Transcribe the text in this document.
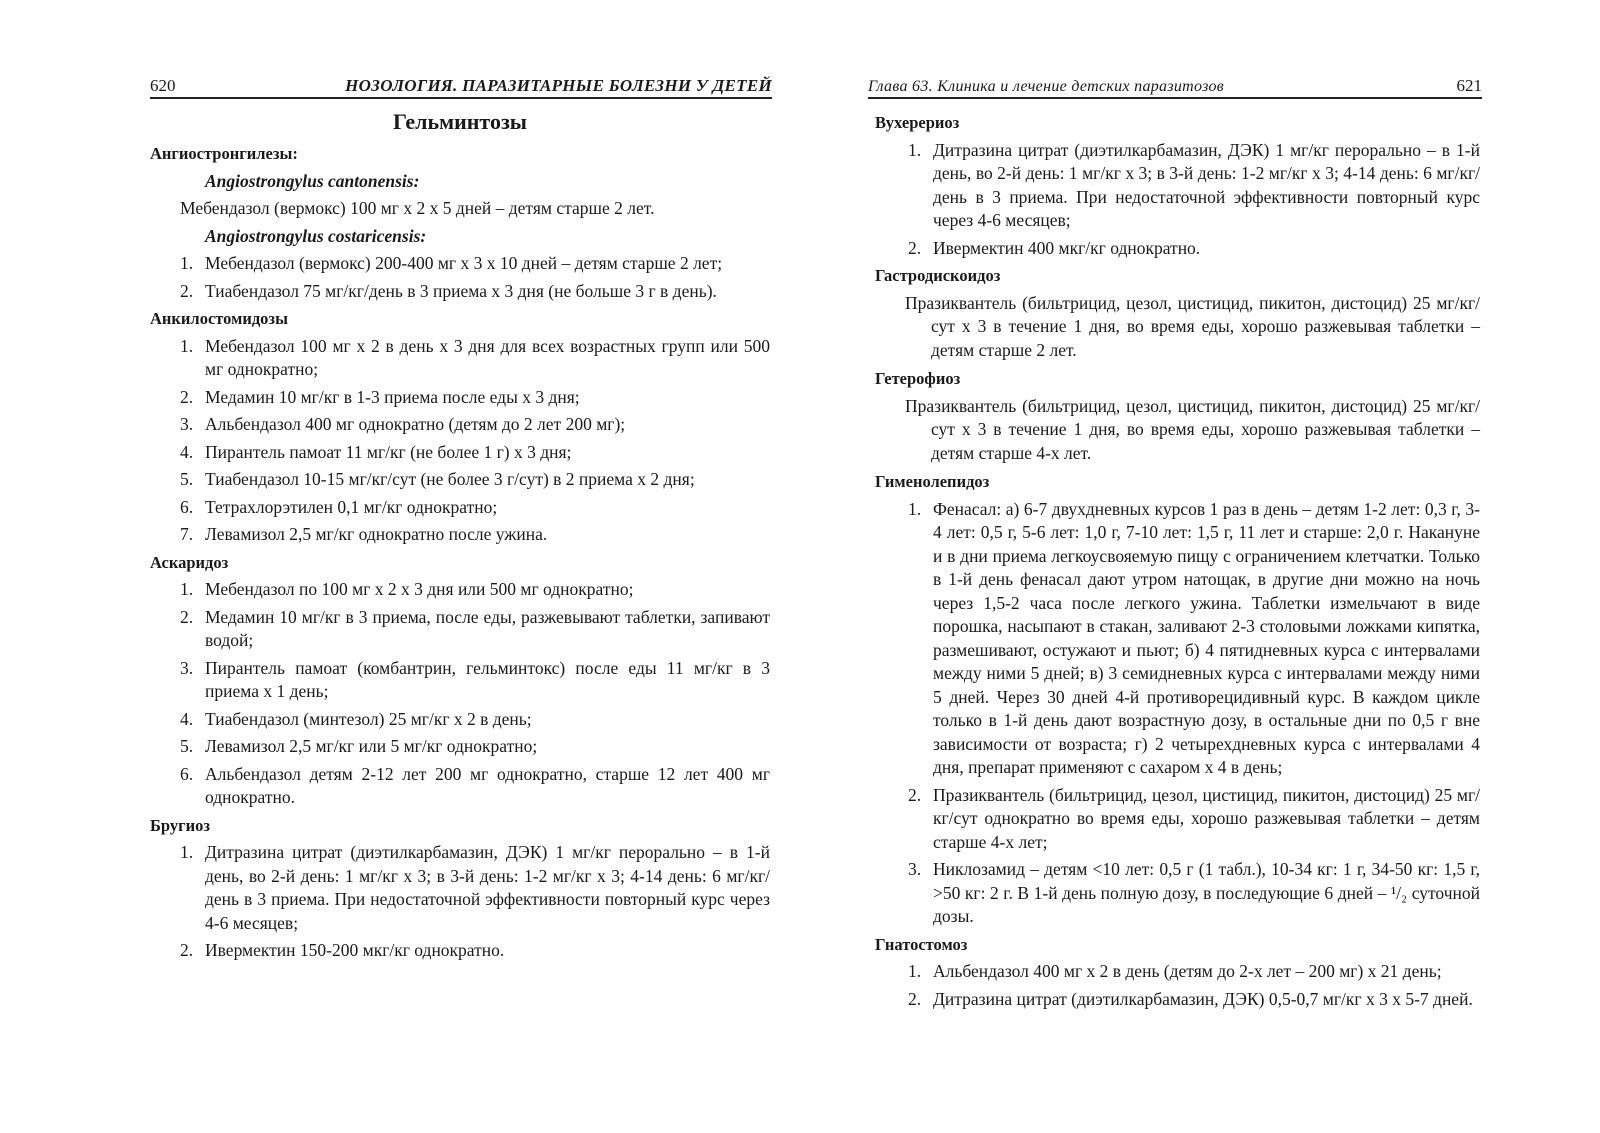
620	НОЗОЛОГИЯ. ПАРАЗИТАРНЫЕ БОЛЕЗНИ У ДЕТЕЙ
Гельминтозы
Ангиостронгилезы:
Angiostrongylus cantonensis:
Мебендазол (вермокс) 100 мг х 2 х 5 дней – детям старше 2 лет.
Angiostrongylus costaricensis:
1. Мебендазол (вермокс) 200-400 мг х 3 х 10 дней – детям старше 2 лет;
2. Тиабендазол 75 мг/кг/день в 3 приема х 3 дня (не больше 3 г в день).
Анкилостомидозы
1. Мебендазол 100 мг х 2 в день х 3 дня для всех возрастных групп или 500 мг однократно;
2. Медамин 10 мг/кг в 1-3 приема после еды х 3 дня;
3. Альбендазол 400 мг однократно (детям до 2 лет 200 мг);
4. Пирантель памоат 11 мг/кг (не более 1 г) х 3 дня;
5. Тиабендазол 10-15 мг/кг/сут (не более 3 г/сут) в 2 приема х 2 дня;
6. Тетрахлорэтилен 0,1 мг/кг однократно;
7. Левамизол 2,5 мг/кг однократно после ужина.
Аскаридоз
1. Мебендазол по 100 мг х 2 х 3 дня или 500 мг однократно;
2. Медамин 10 мг/кг в 3 приема, после еды, разжевывают таблетки, запивают водой;
3. Пирантель памоат (комбантрин, гельминтокс) после еды 11 мг/кг в 3 приема х 1 день;
4. Тиабендазол (минтезол) 25 мг/кг х 2 в день;
5. Левамизол 2,5 мг/кг или 5 мг/кг однократно;
6. Альбендазол детям 2-12 лет 200 мг однократно, старше 12 лет 400 мг однократно.
Бругиоз
1. Дитразина цитрат (диэтилкарбамазин, ДЭК) 1 мг/кг перорально – в 1-й день, во 2-й день: 1 мг/кг х 3; в 3-й день: 1-2 мг/кг х 3; 4-14 день: 6 мг/кг/день в 3 приема. При недостаточной эффективности повторный курс через 4-6 месяцев;
2. Ивермектин 150-200 мкг/кг однократно.
Глава 63. Клиника и лечение детских паразитозов	621
Вухерериоз
1. Дитразина цитрат (диэтилкарбамазин, ДЭК) 1 мг/кг перорально – в 1-й день, во 2-й день: 1 мг/кг х 3; в 3-й день: 1-2 мг/кг х 3; 4-14 день: 6 мг/кг/день в 3 приема. При недостаточной эффективности повторный курс через 4-6 месяцев;
2. Ивермектин 400 мкг/кг однократно.
Гастродискоидоз
Празиквантель (бильтрицид, цезол, цистицид, пикитон, дистоцид) 25 мг/кг/сут х 3 в течение 1 дня, во время еды, хорошо разжевывая таблетки – детям старше 2 лет.
Гетерофиоз
Празиквантель (бильтрицид, цезол, цистицид, пикитон, дистоцид) 25 мг/кг/сут х 3 в течение 1 дня, во время еды, хорошо разжевывая таблетки – детям старше 4-х лет.
Гименолепидоз
1. Фенасал: а) 6-7 двухдневных курсов 1 раз в день – детям 1-2 лет: 0,3 г, 3-4 лет: 0,5 г, 5-6 лет: 1,0 г, 7-10 лет: 1,5 г, 11 лет и старше: 2,0 г. Накануне и в дни приема легкоусвояемую пищу с ограничением клетчатки. Только в 1-й день фенасал дают утром натощак, в другие дни можно на ночь через 1,5-2 часа после легкого ужина. Таблетки измельчают в виде порошка, насыпают в стакан, заливают 2-3 столовыми ложками кипятка, размешивают, остужают и пьют; б) 4 пятидневных курса с интервалами между ними 5 дней; в) 3 семидневных курса с интервалами между ними 5 дней. Через 30 дней 4-й противорецидивный курс. В каждом цикле только в 1-й день дают возрастную дозу, в остальные дни по 0,5 г вне зависимости от возраста; г) 2 четырехдневных курса с интервалами 4 дня, препарат применяют с сахаром х 4 в день;
2. Празиквантель (бильтрицид, цезол, цистицид, пикитон, дистоцид) 25 мг/кг/сут однократно во время еды, хорошо разжевывая таблетки – детям старше 4-х лет;
3. Никлозамид – детям <10 лет: 0,5 г (1 табл.), 10-34 кг: 1 г, 34-50 кг: 1,5 г, >50 кг: 2 г. В 1-й день полную дозу, в последующие 6 дней – ¹/₂ суточной дозы.
Гнатостомоз
1. Альбендазол 400 мг х 2 в день (детям до 2-х лет – 200 мг) х 21 день;
2. Дитразина цитрат (диэтилкарбамазин, ДЭК) 0,5-0,7 мг/кг х 3 х 5-7 дней.
